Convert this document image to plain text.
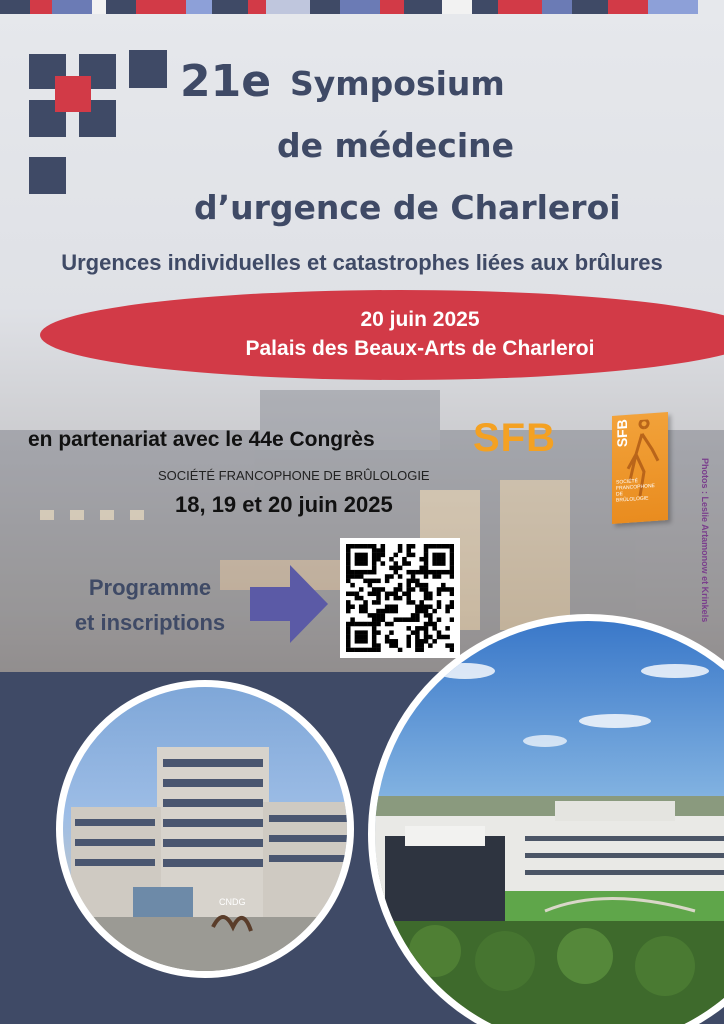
21e Symposium
de médecine
d’urgence de Charleroi
Urgences individuelles et catastrophes liées aux brûlures
20 juin 2025
Palais des Beaux-Arts de Charleroi
en partenariat avec le 44e Congrès SFB
SOCIÉTÉ FRANCOPHONE DE BRÛLOLOGIE
18, 19 et 20 juin 2025
SFB
SOCIÉTÉ FRANCOPHONE DE BRÛLOLOGIE	Photos : Leslie Artamonow et Krinkels
Programme
et inscriptions
CNDG
